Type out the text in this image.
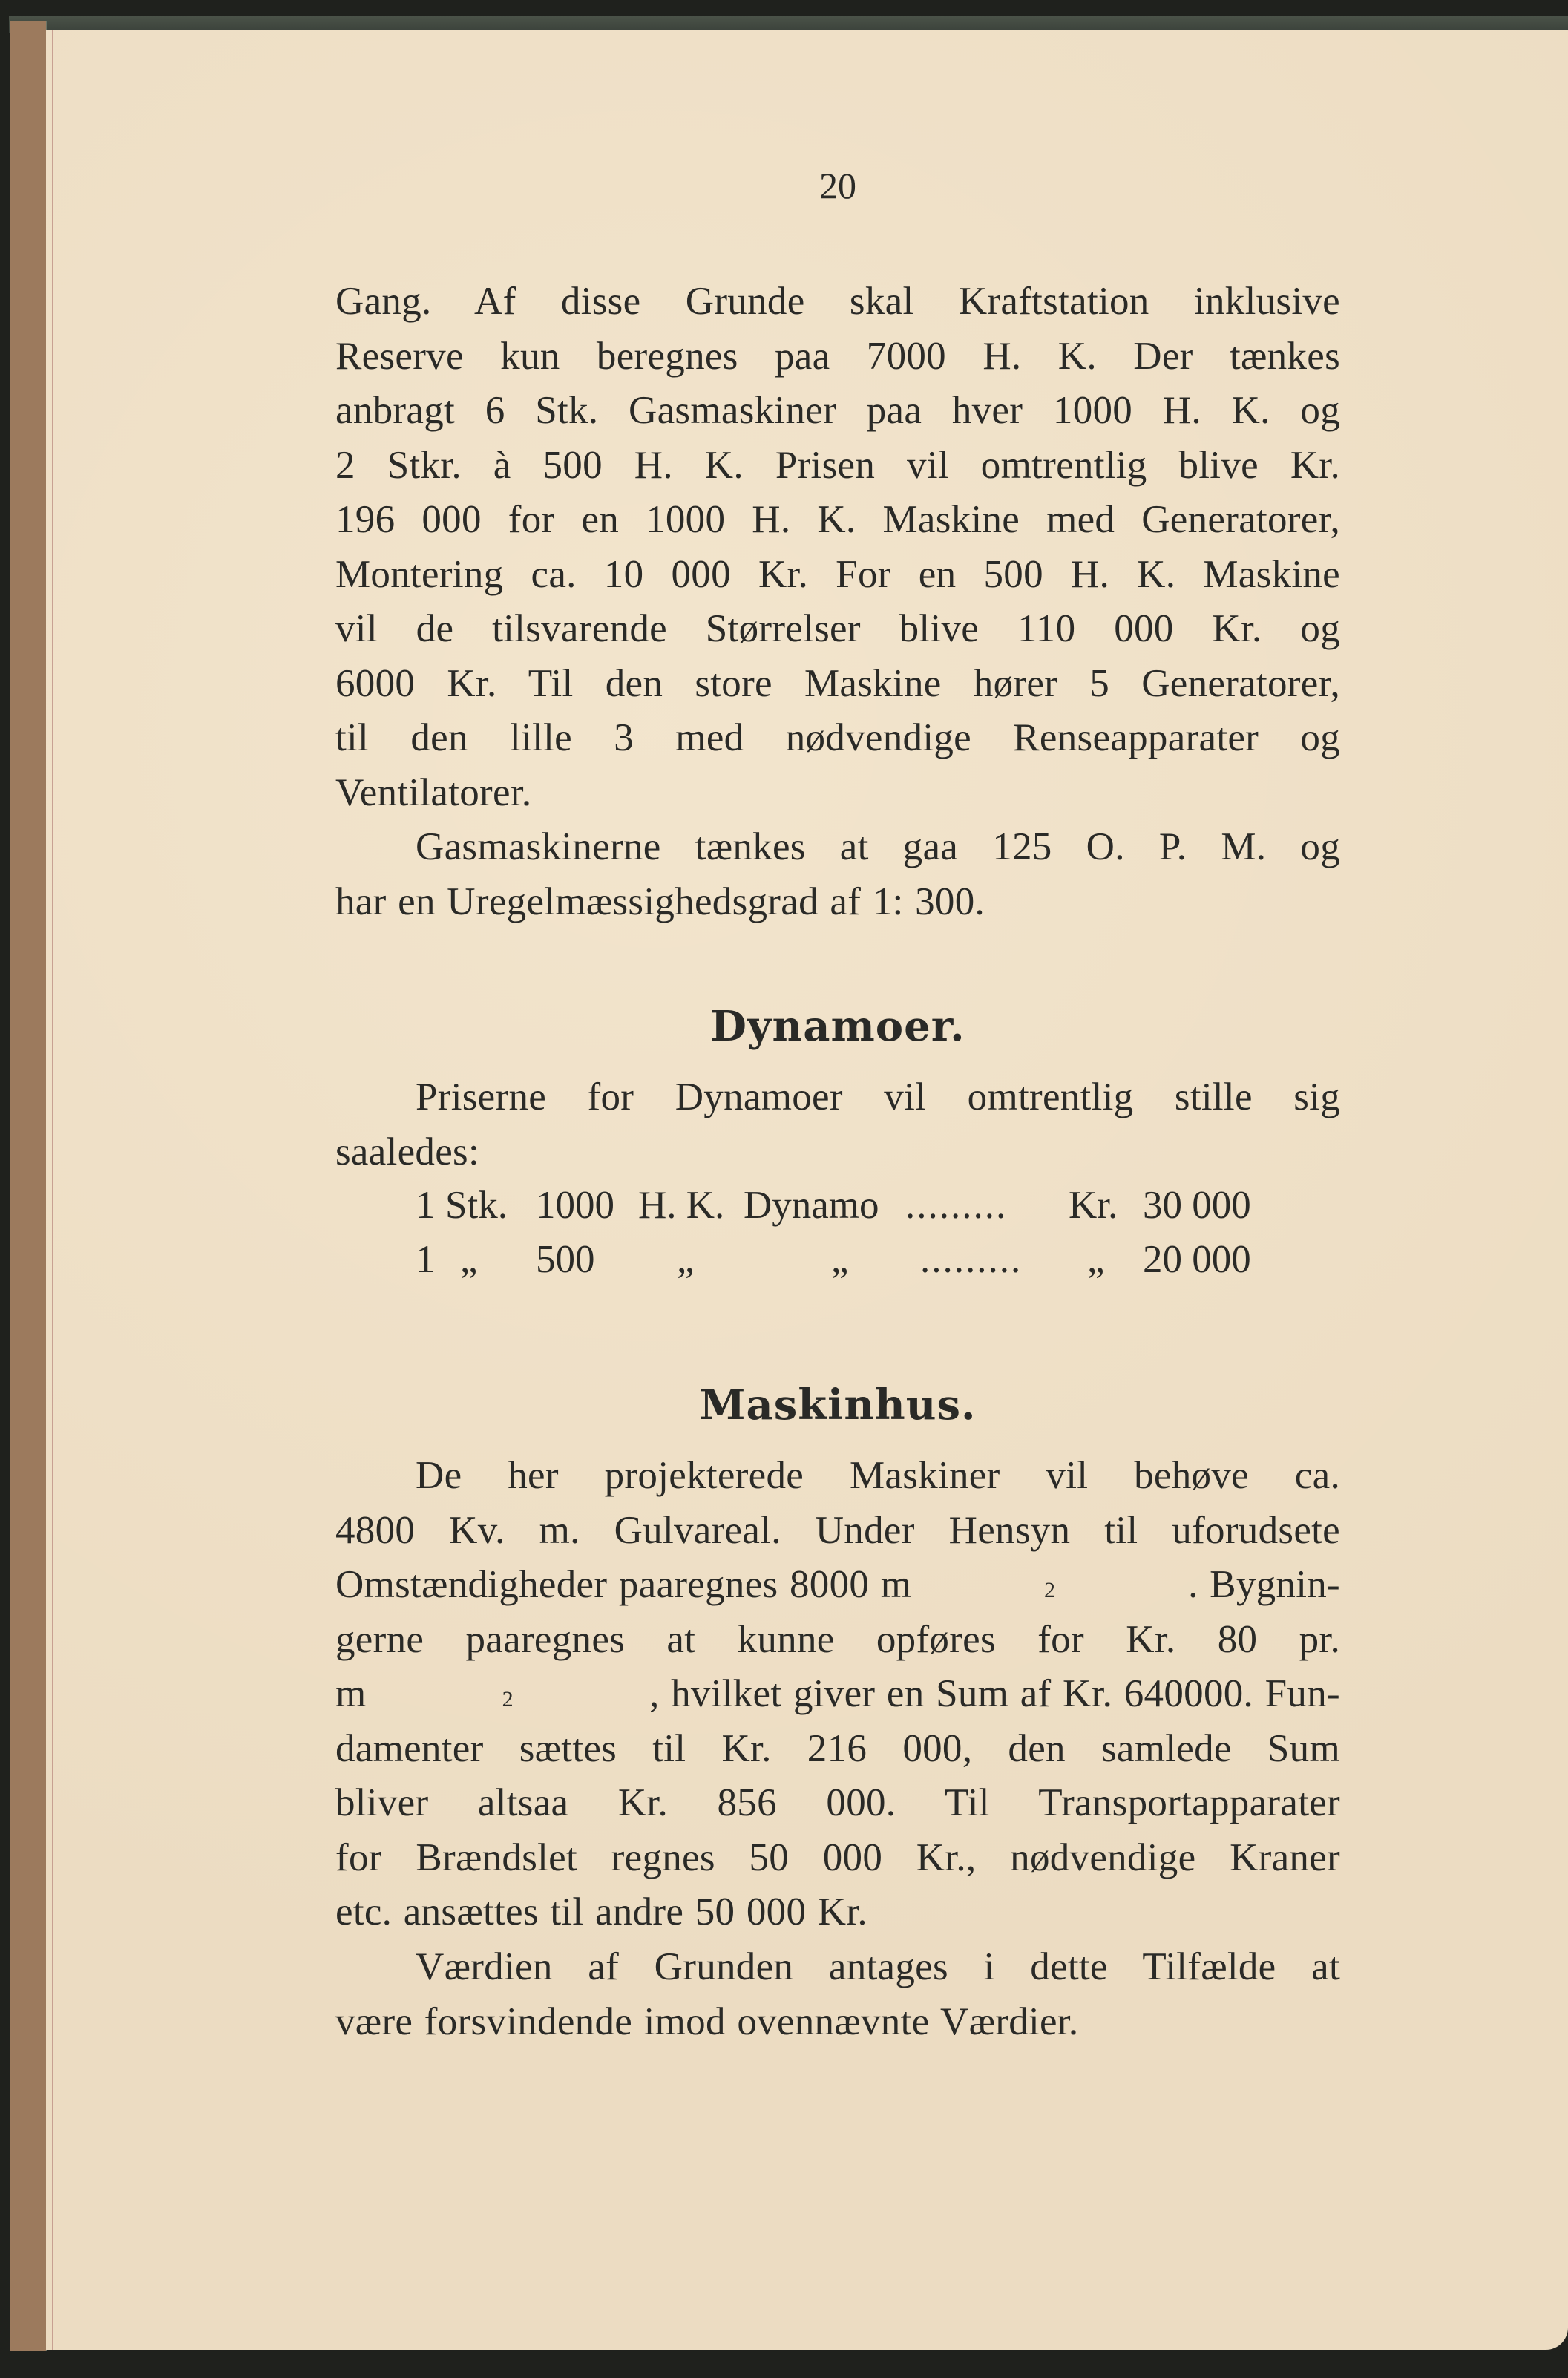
20
Gang. Af disse Grunde skal Kraftstation inklusive
Reserve kun beregnes paa 7000 H. K. Der tænkes
anbragt 6 Stk. Gasmaskiner paa hver 1000 H. K. og
2 Stkr. à 500 H. K. Prisen vil omtrentlig blive Kr.
196 000 for en 1000 H. K. Maskine med Generatorer,
Montering ca. 10 000 Kr. For en 500 H. K. Maskine
vil de tilsvarende Størrelser blive 110 000 Kr. og
6000 Kr. Til den store Maskine hører 5 Generatorer,
til den lille 3 med nødvendige Renseapparater og
Ventilatorer.
Gasmaskinerne tænkes at gaa 125 O. P. M. og
har en Uregelmæssighedsgrad af 1: 300.
Dynamoer.
Priserne for Dynamoer vil omtrentlig stille sig
saaledes:
1 Stk. 1000 H. K. Dynamo ......... Kr. 30 000
1 „ 500 „	„ ......... „ 20 000
Maskinhus.
De her projekterede Maskiner vil behøve ca.
4800 Kv. m. Gulvareal. Under Hensyn til uforudsete
Omstændigheder paaregnes 8000 m	2	. Bygnin-
gerne paaregnes at kunne opføres for Kr. 80 pr.
m	2	, hvilket giver en Sum af Kr. 640000. Fun-
damenter sættes til Kr. 216 000, den samlede Sum
bliver altsaa Kr. 856 000. Til Transportapparater
for Brændslet regnes 50 000 Kr., nødvendige Kraner
etc. ansættes til andre 50 000 Kr.
Værdien af Grunden antages i dette Tilfælde at
være forsvindende imod ovennævnte Værdier.
